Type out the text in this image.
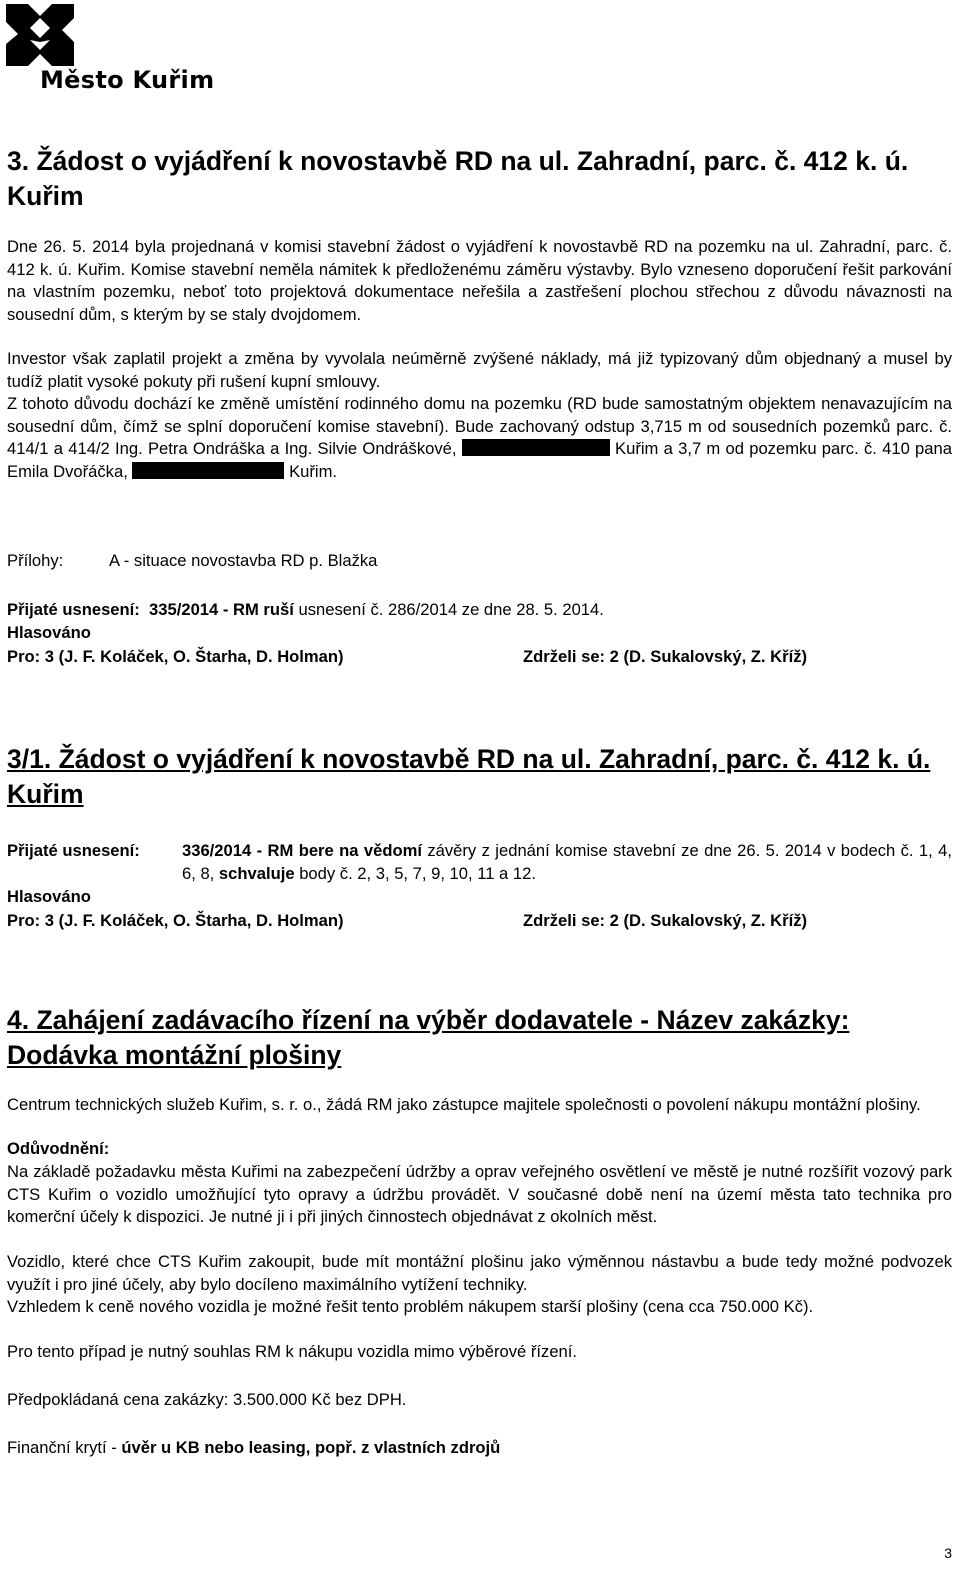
Město Kuřim
3. Žádost o vyjádření k novostavbě RD na ul. Zahradní, parc. č. 412 k. ú. Kuřim
Dne 26. 5. 2014 byla projednaná v komisi stavební žádost o vyjádření k novostavbě RD na pozemku na ul. Zahradní, parc. č. 412 k. ú. Kuřim. Komise stavební neměla námitek k předloženému záměru výstavby. Bylo vzneseno doporučení řešit parkování na vlastním pozemku, neboť toto projektová dokumentace neřešila a zastřešení plochou střechou z důvodu návaznosti na sousední dům, s kterým by se staly dvojdomem.
Investor však zaplatil projekt a změna by vyvolala neúměrně zvýšené náklady, má již typizovaný dům objednaný a musel by tudíž platit vysoké pokuty při rušení kupní smlouvy.
Z tohoto důvodu dochází ke změně umístění rodinného domu na pozemku (RD bude samostatným objektem nenavazujícím na sousední dům, čímž se splní doporučení komise stavební). Bude zachovaný odstup 3,715 m od sousedních pozemků parc. č. 414/1 a 414/2 Ing. Petra Ondráška a Ing. Silvie Ondráškové,	Kuřim a 3,7 m od pozemku parc. č. 410 pana Emila Dvořáčka,	Kuřim.
Přílohy:	A - situace novostavba RD p. Blažka
Přijaté usnesení: 335/2014 - RM ruší usnesení č. 286/2014 ze dne 28. 5. 2014.
Hlasováno
Pro: 3 (J. F. Koláček, O. Štarha, D. Holman)	Zdrželi se: 2 (D. Sukalovský, Z. Kříž)
3/1. Žádost o vyjádření k novostavbě RD na ul. Zahradní, parc. č. 412 k. ú. Kuřim
Přijaté usnesení:	336/2014 - RM bere na vědomí závěry z jednání komise stavební ze dne 26. 5. 2014 v bodech č. 1, 4, 6, 8, schvaluje body č. 2, 3, 5, 7, 9, 10, 11 a 12.
Hlasováno
Pro: 3 (J. F. Koláček, O. Štarha, D. Holman)	Zdrželi se: 2 (D. Sukalovský, Z. Kříž)
4. Zahájení zadávacího řízení na výběr dodavatele - Název zakázky: Dodávka montážní plošiny
Centrum technických služeb Kuřim, s. r. o., žádá RM jako zástupce majitele společnosti o povolení nákupu montážní plošiny.
Odůvodnění:
Na základě požadavku města Kuřimi na zabezpečení údržby a oprav veřejného osvětlení ve městě je nutné rozšířit vozový park CTS Kuřim o vozidlo umožňující tyto opravy a údržbu provádět. V současné době není na území města tato technika pro komerční účely k dispozici. Je nutné ji i při jiných činnostech objednávat z okolních měst.
Vozidlo, které chce CTS Kuřim zakoupit, bude mít montážní plošinu jako výměnnou nástavbu a bude tedy možné podvozek využít i pro jiné účely, aby bylo docíleno maximálního vytížení techniky.
Vzhledem k ceně nového vozidla je možné řešit tento problém nákupem starší plošiny (cena cca 750.000 Kč).
Pro tento případ je nutný souhlas RM k nákupu vozidla mimo výběrové řízení.
Předpokládaná cena zakázky: 3.500.000 Kč bez DPH.
Finanční krytí - úvěr u KB nebo leasing, popř. z vlastních zdrojů
3
